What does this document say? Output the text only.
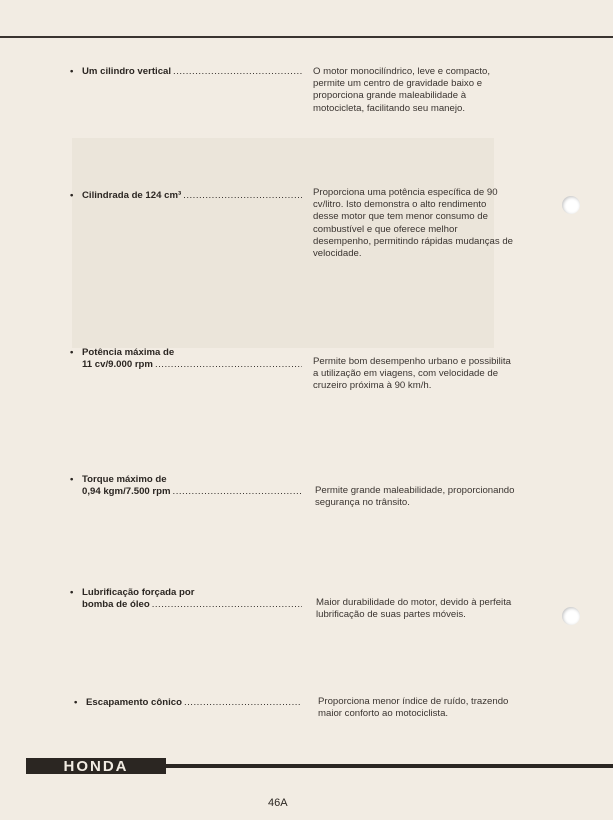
• Um cilindro vertical .....	O motor monocilíndrico, leve e compacto, permite um centro de gravidade baixo e proporciona grande maleabilidade à motocicleta, facilitando seu manejo.
• Cilindrada de 124 cm³ .....	Proporciona uma potência específica de 90 cv/litro. Isto demonstra o alto rendimento desse motor que tem menor consumo de combustível e que oferece melhor desempenho, permitindo rápidas mudanças de velocidade.
• Potência máxima de
11 cv/9.000 rpm .....	Permite bom desempenho urbano e possibilita a utilização em viagens, com velocidade de cruzeiro próxima à 90 km/h.
• Torque máximo de
0,94 kgm/7.500 rpm .....	Permite grande maleabilidade, proporcionando segurança no trânsito.
• Lubrificação forçada por
bomba de óleo .....	Maior durabilidade do motor, devido à perfeita lubrificação de suas partes móveis.
• Escapamento cônico .....	Proporciona menor índice de ruído, trazendo maior conforto ao motociclista.
HONDA
46A
